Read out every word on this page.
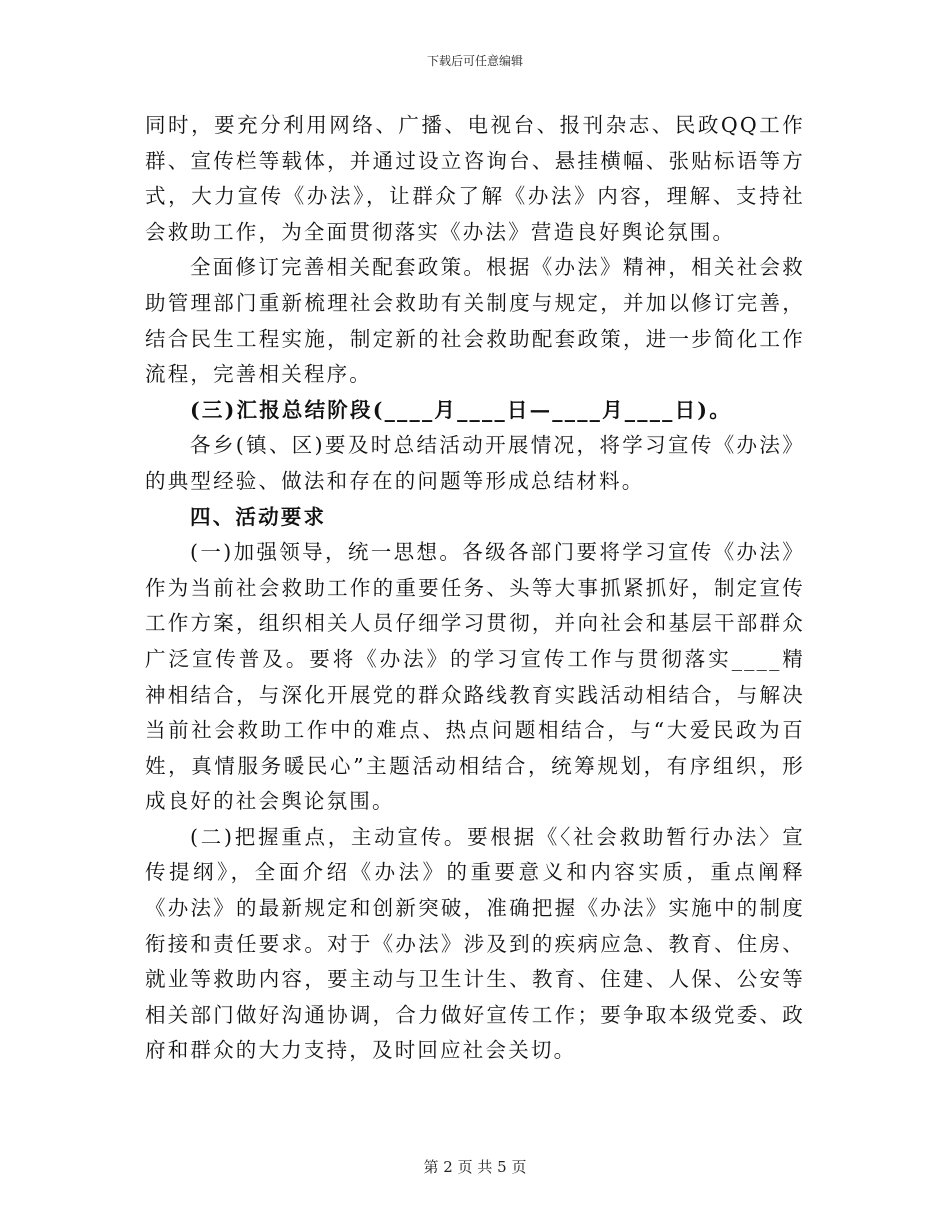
下载后可任意编辑

同时，要充分利用网络、广播、电视台、报刊杂志、民政QQ工作群、宣传栏等载体，并通过设立咨询台、悬挂横幅、张贴标语等方式，大力宣传《办法》，让群众了解《办法》内容，理解、支持社会救助工作，为全面贯彻落实《办法》营造良好舆论氛围。

全面修订完善相关配套政策。根据《办法》精神，相关社会救助管理部门重新梳理社会救助有关制度与规定，并加以修订完善，结合民生工程实施，制定新的社会救助配套政策，进一步简化工作流程，完善相关程序。

(三)汇报总结阶段(____月____日—____月____日)。

各乡(镇、区)要及时总结活动开展情况，将学习宣传《办法》的典型经验、做法和存在的问题等形成总结材料。

四、活动要求

(一)加强领导，统一思想。各级各部门要将学习宣传《办法》作为当前社会救助工作的重要任务、头等大事抓紧抓好，制定宣传工作方案，组织相关人员仔细学习贯彻，并向社会和基层干部群众广泛宣传普及。要将《办法》的学习宣传工作与贯彻落实____精神相结合，与深化开展党的群众路线教育实践活动相结合，与解决当前社会救助工作中的难点、热点问题相结合，与“大爱民政为百姓，真情服务暖民心”主题活动相结合，统筹规划，有序组织，形成良好的社会舆论氛围。

(二)把握重点，主动宣传。要根据《〈社会救助暂行办法〉宣传提纲》，全面介绍《办法》的重要意义和内容实质，重点阐释《办法》的最新规定和创新突破，准确把握《办法》实施中的制度衔接和责任要求。对于《办法》涉及到的疾病应急、教育、住房、就业等救助内容，要主动与卫生计生、教育、住建、人保、公安等相关部门做好沟通协调，合力做好宣传工作；要争取本级党委、政府和群众的大力支持，及时回应社会关切。

第 2 页 共 5 页
